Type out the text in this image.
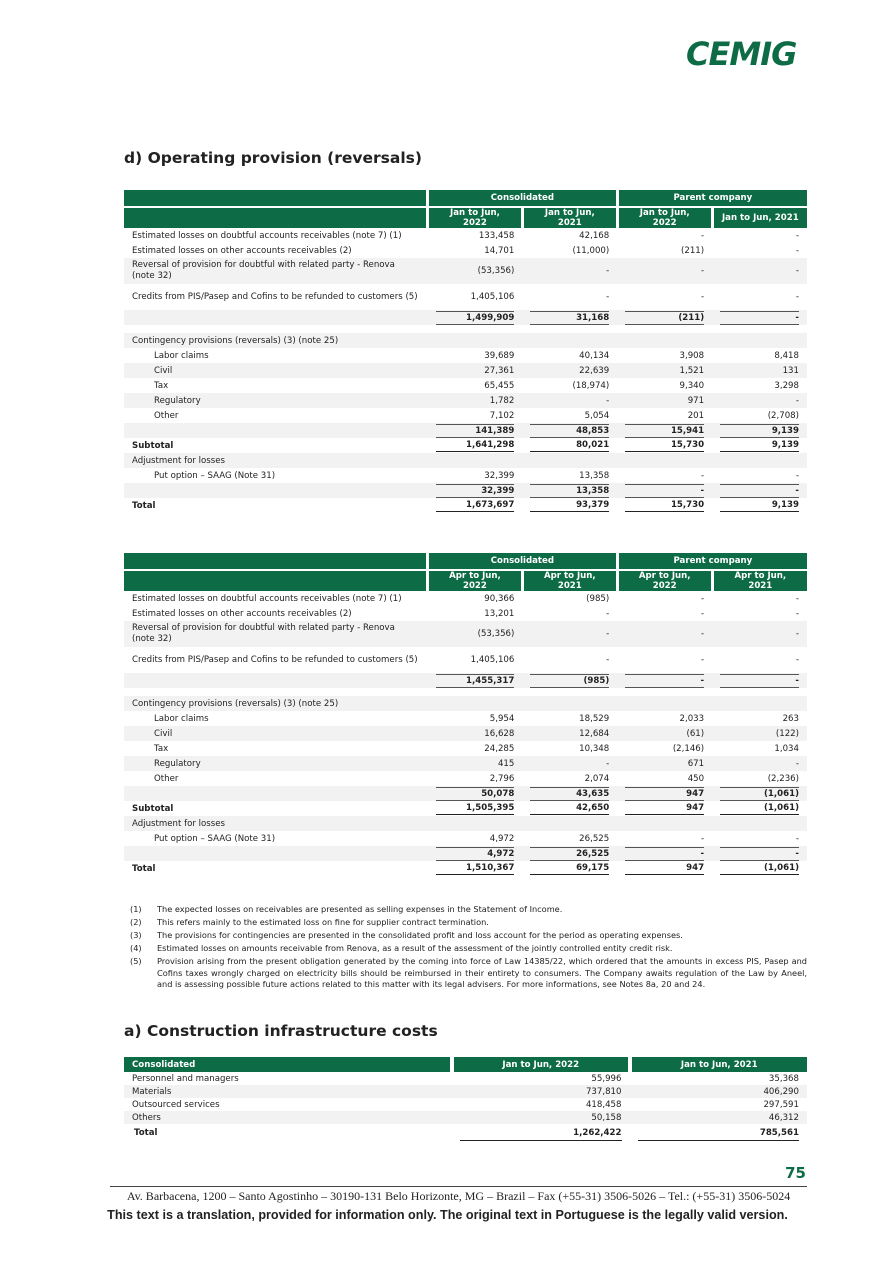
CEMIG
d) Operating provision (reversals)
	Consolidated		Parent company	
	Jan to Jun, 2022	Jan to Jun, 2021	Jan to Jun, 2022	Jan to Jun, 2021
Estimated losses on doubtful accounts receivables (note 7) (1)	133,458	42,168	-	-
Estimated losses on other accounts receivables (2)	14,701	(11,000)	(211)	-
Reversal of provision for doubtful with related party - Renova (note 32)	(53,356)	-	-	-
Credits from PIS/Pasep and Cofins to be refunded to customers (5)	1,405,106	-	-	-

	1,499,909	31,168	(211)	-

Contingency provisions (reversals) (3) (note 25)				
Labor claims	39,689	40,134	3,908	8,418
Civil	27,361	22,639	1,521	131
Tax	65,455	(18,974)	9,340	3,298
Regulatory	1,782	-	971	-
Other	7,102	5,054	201	(2,708)

	141,389	48,853	15,941	9,139

Subtotal	1,641,298	80,021	15,730	9,139

Adjustment for losses				
Put option – SAAG (Note 31)	32,399	13,358	-	-

	32,399	13,358	-	-

Total	1,673,697	93,379	15,730	9,139
	Consolidated		Parent company	
	Apr to Jun, 2022	Apr to Jun, 2021	Apr to Jun, 2022	Apr to Jun, 2021
Estimated losses on doubtful accounts receivables (note 7) (1)	90,366	(985)	-	-
Estimated losses on other accounts receivables (2)	13,201	-	-	-
Reversal of provision for doubtful with related party - Renova (note 32)	(53,356)	-	-	-
Credits from PIS/Pasep and Cofins to be refunded to customers (5)	1,405,106	-	-	-

	1,455,317	(985)	-	-

Contingency provisions (reversals) (3) (note 25)				
Labor claims	5,954	18,529	2,033	263
Civil	16,628	12,684	(61)	(122)
Tax	24,285	10,348	(2,146)	1,034
Regulatory	415	-	671	-
Other	2,796	2,074	450	(2,236)

	50,078	43,635	947	(1,061)

Subtotal	1,505,395	42,650	947	(1,061)

Adjustment for losses				
Put option – SAAG (Note 31)	4,972	26,525	-	-

	4,972	26,525	-	-

Total	1,510,367	69,175	947	(1,061)
(1)	The expected losses on receivables are presented as selling expenses in the Statement of Income.
(2)	This refers mainly to the estimated loss on fine for supplier contract termination.
(3)	The provisions for contingencies are presented in the consolidated profit and loss account for the period as operating expenses.
(4)	Estimated losses on amounts receivable from Renova, as a result of the assessment of the jointly controlled entity credit risk.
(5)	Provision arising from the present obligation generated by the coming into force of Law 14385/22, which ordered that the amounts in excess PIS, Pasep and Cofins taxes wrongly charged on electricity bills should be reimbursed in their entirety to consumers. The Company awaits regulation of the Law by Aneel, and is assessing possible future actions related to this matter with its legal advisers. For more informations, see Notes 8a, 20 and 24.
a) Construction infrastructure costs
Consolidated	Jan to Jun, 2022	Jan to Jun, 2021
Personnel and managers	55,996	35,368
Materials	737,810	406,290
Outsourced services	418,458	297,591
Others	50,158	46,312
Total	1,262,422	785,561
75
Av. Barbacena, 1200 – Santo Agostinho – 30190-131 Belo Horizonte, MG – Brazil – Fax (+55-31) 3506-5026 – Tel.: (+55-31) 3506-5024
This text is a translation, provided for information only. The original text in Portuguese is the legally valid version.
